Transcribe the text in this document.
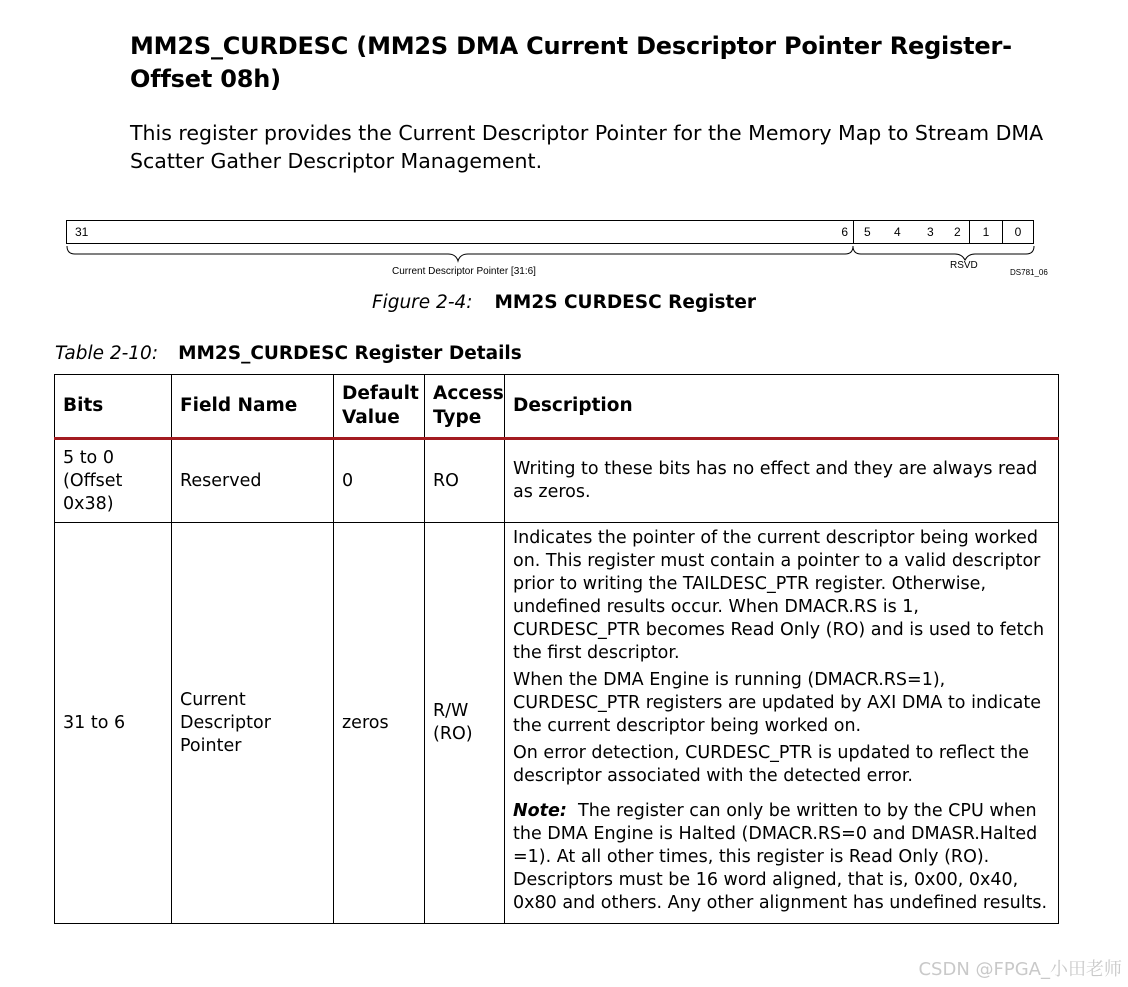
MM2S_CURDESC (MM2S DMA Current Descriptor Pointer Register- Offset 08h)

This register provides the Current Descriptor Pointer for the Memory Map to Stream DMA Scatter Gather Descriptor Management.

31	6 5 4 3 2	1	0
Current Descriptor Pointer [31:6]
RSVD
DS781_06
Figure 2-4: MM2S CURDESC Register
Table 2-10: MM2S_CURDESC Register Details
Bits	Field Name	Default Value	Access Type	Description
5 to 0 (Offset 0x38)	Reserved	0	RO	Writing to these bits has no effect and they are always read as zeros.

31 to 6	Current Descriptor Pointer	zeros	R/W (RO)	Indicates the pointer of the current descriptor being worked on. This register must contain a pointer to a valid descriptor prior to writing the TAILDESC_PTR register. Otherwise, undefined results occur. When DMACR.RS is 1, CURDESC_PTR becomes Read Only (RO) and is used to fetch the first descriptor.

When the DMA Engine is running (DMACR.RS=1), CURDESC_PTR registers are updated by AXI DMA to indicate the current descriptor being worked on.

On error detection, CURDESC_PTR is updated to reflect the descriptor associated with the detected error.

Note: The register can only be written to by the CPU when the DMA Engine is Halted (DMACR.RS=0 and DMASR.Halted =1). At all other times, this register is Read Only (RO). Descriptors must be 16 word aligned, that is, 0x00, 0x40, 0x80 and others. Any other alignment has undefined results.

CSDN @FPGA_小田老师
